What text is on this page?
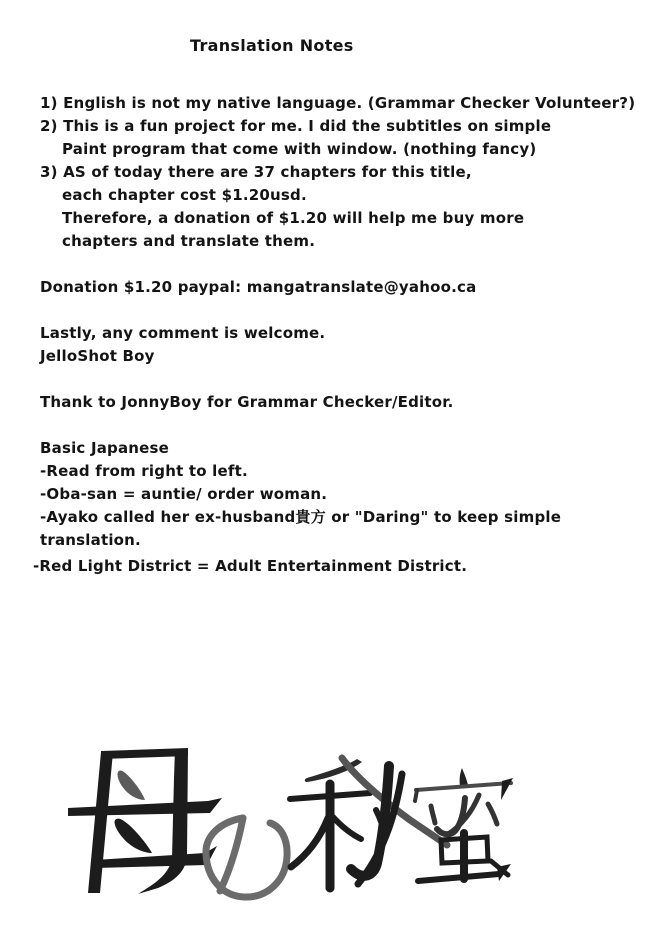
Translation Notes

1) English is not my native language. (Grammar Checker Volunteer?)

2) This is a fun project for me. I did the subtitles on simple

Paint program that come with window. (nothing fancy)

3) AS of today there are 37 chapters for this title,

each chapter cost $1.20usd.

Therefore, a donation of $1.20 will help me buy more

chapters and translate them.

Donation $1.20 paypal: mangatranslate@yahoo.ca

Lastly, any comment is welcome.

JelloShot Boy

Thank to JonnyBoy for Grammar Checker/Editor.

Basic Japanese

-Read from right to left.

-Oba-san = auntie/ order woman.

-Ayako called her ex-husband貴方 or "Daring" to keep simple

translation.

-Red Light District = Adult Entertainment District.
